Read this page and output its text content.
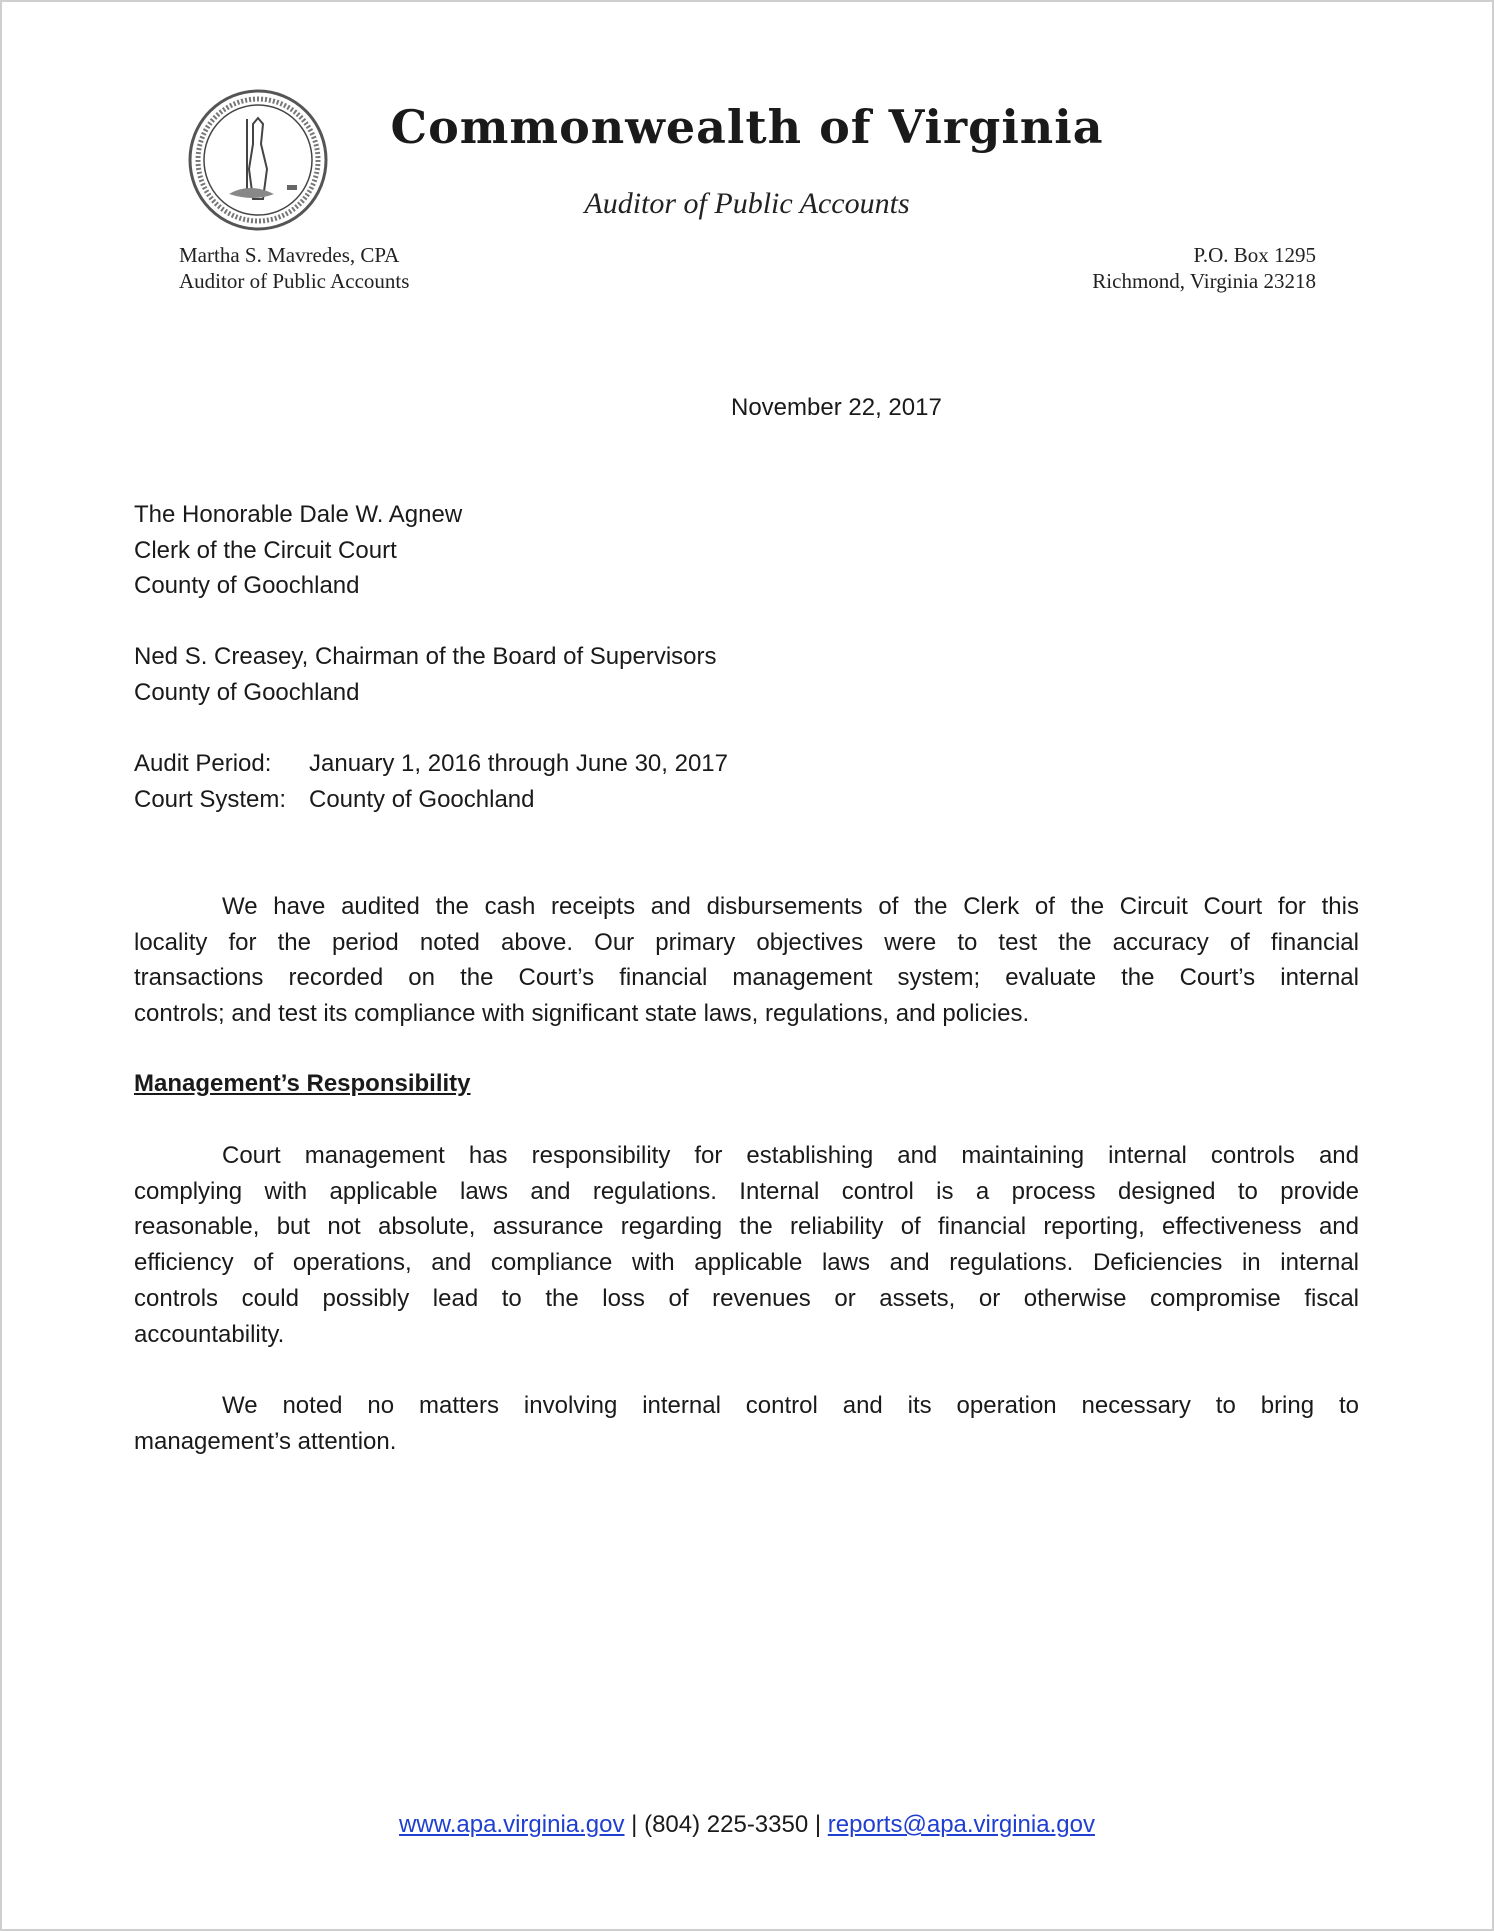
Commonwealth of Virginia
Auditor of Public Accounts
Martha S. Mavredes, CPA
Auditor of Public Accounts
P.O. Box 1295
Richmond, Virginia 23218
November 22, 2017
The Honorable Dale W. Agnew
Clerk of the Circuit Court
County of Goochland
Ned S. Creasey, Chairman of the Board of Supervisors
County of Goochland
Audit Period: January 1, 2016 through June 30, 2017
Court System: County of Goochland
We have audited the cash receipts and disbursements of the Clerk of the Circuit Court for this
locality for the period noted above. Our primary objectives were to test the accuracy of financial
transactions recorded on the Court’s financial management system; evaluate the Court’s internal
controls; and test its compliance with significant state laws, regulations, and policies.
Management’s Responsibility
Court management has responsibility for establishing and maintaining internal controls and
complying with applicable laws and regulations. Internal control is a process designed to provide
reasonable, but not absolute, assurance regarding the reliability of financial reporting, effectiveness and
efficiency of operations, and compliance with applicable laws and regulations. Deficiencies in internal
controls could possibly lead to the loss of revenues or assets, or otherwise compromise fiscal
accountability.
We noted no matters involving internal control and its operation necessary to bring to
management’s attention.
www.apa.virginia.gov | (804) 225-3350 | reports@apa.virginia.gov
